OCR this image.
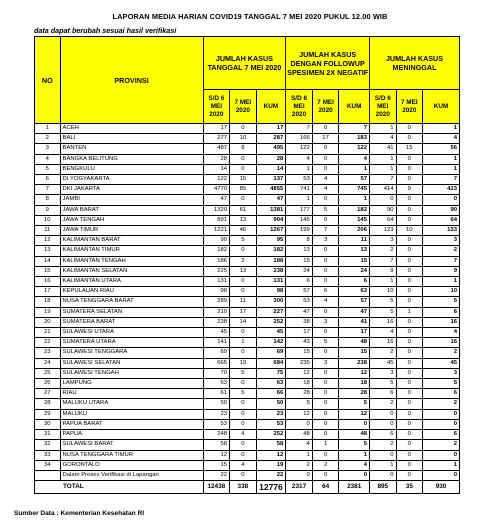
LAPORAN MEDIA HARIAN COVID19 TANGGAL 7 MEI 2020 PUKUL 12.00 WIB
data dapat berubah sesuai hasil verifikasi
NO	PROVINSI	JUMLAH KASUS TANGGAL 7 MEI 2020			JUMLAH KASUS DENGAN FOLLOWUP SPESIMEN 2X NEGATIF			JUMLAH KASUS MENINGGAL		
		S/D 6 MEI 2020	7 MEI 2020	KUM	S/D 6 MEI 2020	7 MEI 2020	KUM	S/D 6 MEI 2020	7 MEI 2020	KUM
1	ACEH	17	0	17	7	0	7	1	0	1
2	BALI	277	10	287	166	17	183	4	0	4
3	BANTEN	487	8	495	122	0	122	41	15	56
4	BANGKA BELITUNG	28	0	28	4	0	4	1	0	1
5	BENGKULU	14	0	14	1	0	1	1	0	1
6	DI YOGYAKARTA	122	15	137	53	4	57	7	0	7
7	DKI JAKARTA	4770	85	4855	741	4	745	414	9	423
8	JAMBI	47	0	47	1	0	1	0	0	0
9	JAWA BARAT	1320	61	1381	177	5	182	90	0	90
10	JAWA TENGAH	891	13	904	145	0	145	64	0	64
11	JAWA TIMUR	1221	46	1267	199	7	206	123	10	133
12	KALIMANTAN BARAT	90	5	95	8	3	11	3	0	3
13	KALIMANTAN TIMUR	182	0	182	13	0	13	2	0	2
14	KALIMANTAN TENGAH	186	2	188	15	0	15	7	0	7
15	KALIMANTAN SELATAN	225	13	238	24	0	24	9	0	9
16	KALIMANTAN UTARA	131	0	131	6	0	6	1	0	1
17	KEPULAUAN RIAU	98	0	98	57	6	63	10	0	10
18	NUSA TENGGARA BARAT	289	11	300	53	4	57	5	0	5
19	SUMATERA SELATAN	210	17	227	47	0	47	5	1	6
20	SUMATERA BARAT	238	14	252	38	3	41	16	0	16
21	SULAWESI UTARA	45	0	45	17	0	17	4	0	4
22	SUMATERA UTARA	141	1	142	43	5	48	16	0	16
23	SULAWESI TENGGARA	69	0	69	15	0	15	2	0	2
24	SULAWESI SELATAN	665	19	684	235	3	238	45	0	45
25	SULAWESI TENGAH	70	5	75	12	0	12	3	0	3
26	LAMPUNG	63	0	63	18	0	18	5	0	5
27	RIAU	61	5	66	28	0	28	6	0	6
28	MALUKU UTARA	50	0	50	5	0	5	2	0	2
29	MALUKU	23	0	23	12	0	12	0	0	0
30	PAPUA BARAT	53	0	53	0	0	0	0	0	0
31	PAPUA	248	4	252	48	0	48	6	0	6
32	SULAWESI BARAT	58	0	58	4	1	5	2	0	2
33	NUSA TENGGARA TIMUR	12	0	12	1	0	1	0	0	0
34	GORONTALO	15	4	19	2	2	4	1	0	1
	Dalam Proses Verifikasi di Lapangan	22	0	22	0	0	0	0	0	0
TOTAL		12438	338	12776	2317	64	2381	895	35	930
Sumber Data : Kementerian Kesehatan RI
